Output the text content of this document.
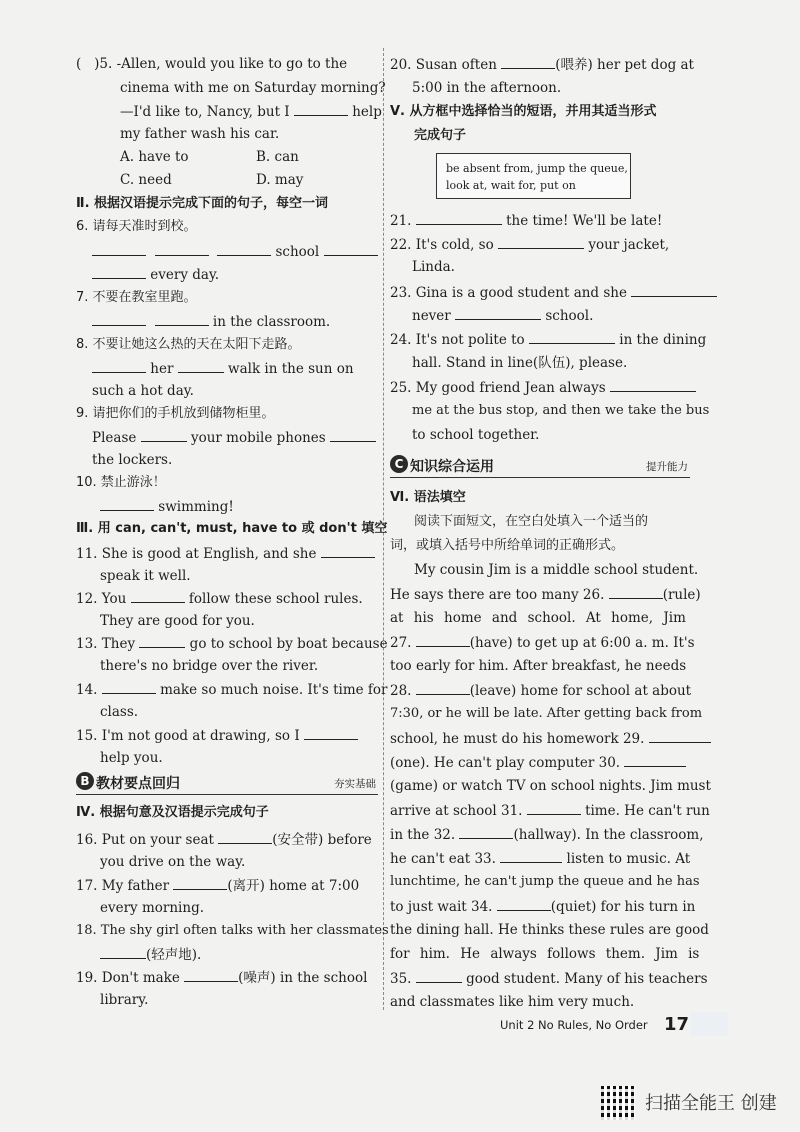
( )5. -Allen, would you like to go to the
cinema with me on Saturday morning?
—I'd like to, Nancy, but I	help
my father wash his car.
A. have to	B. can
C. need	D. may
Ⅱ. 根据汉语提示完成下面的句子，每空一词
6. 请每天准时到校。
school
every day.
7. 不要在教室里跑。
in the classroom.
8. 不要让她这么热的天在太阳下走路。
her	walk in the sun on
such a hot day.
9. 请把你们的手机放到储物柜里。
Please	your mobile phones
the lockers.
10. 禁止游泳！
swimming!
Ⅲ. 用 can, can't, must, have to 或 don't 填空
11. She is good at English, and she
speak it well.
12. You	follow these school rules.
They are good for you.
13. They	go to school by boat because
there's no bridge over the river.
14.	make so much noise. It's time for
class.
15. I'm not good at drawing, so I
help you.
B 教材要点回归	夯实基础
Ⅳ. 根据句意及汉语提示完成句子
16. Put on your seat	(安全带) before
you drive on the way.
17. My father	(离开) home at 7:00
every morning.
18. The shy girl often talks with her classmates
(轻声地).
19. Don't make	(噪声) in the school
library.
20. Susan often	(喂养) her pet dog at
5:00 in the afternoon.
Ⅴ. 从方框中选择恰当的短语，并用其适当形式
完成句子
be absent from, jump the queue,
look at, wait for, put on
21.	the time! We'll be late!
22. It's cold, so	your jacket,
Linda.
23. Gina is a good student and she
never	school.
24. It's not polite to	in the dining
hall. Stand in line(队伍), please.
25. My good friend Jean always
me at the bus stop, and then we take the bus
to school together.
C 知识综合运用	提升能力
Ⅵ. 语法填空
阅读下面短文，在空白处填入一个适当的
词，或填入括号中所给单词的正确形式。
My cousin Jim is a middle school student.
He says there are too many 26.	(rule)
at his home and school. At home, Jim
27.	(have) to get up at 6:00 a. m. It's
too early for him. After breakfast, he needs
28.	(leave) home for school at about
7:30, or he will be late. After getting back from
school, he must do his homework 29.
(one). He can't play computer 30.
(game) or watch TV on school nights. Jim must
arrive at school 31.	time. He can't run
in the 32.	(hallway). In the classroom,
he can't eat 33.	listen to music. At
lunchtime, he can't jump the queue and he has
to just wait 34.	(quiet) for his turn in
the dining hall. He thinks these rules are good
for him. He always follows them. Jim is
35.	good student. Many of his teachers
and classmates like him very much.
Unit 2 No Rules, No Order 17
扫描全能王 创建
